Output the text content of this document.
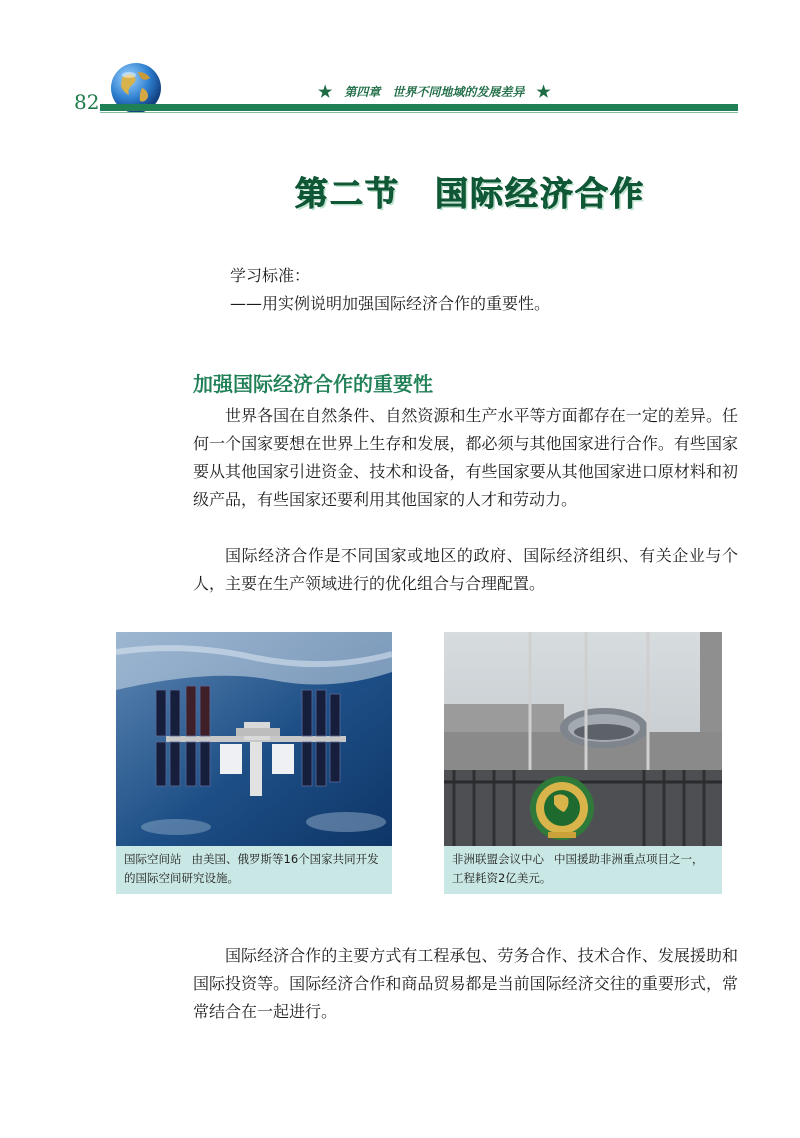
82	★ 第四章　世界不同地域的发展差异 ★
第二节　国际经济合作
学习标准：
——用实例说明加强国际经济合作的重要性。
加强国际经济合作的重要性

世界各国在自然条件、自然资源和生产水平等方面都存在一定的差异。任何一个国家要想在世界上生存和发展，都必须与其他国家进行合作。有些国家要从其他国家引进资金、技术和设备，有些国家要从其他国家进口原材料和初级产品，有些国家还要利用其他国家的人才和劳动力。

国际经济合作是不同国家或地区的政府、国际经济组织、有关企业与个人，主要在生产领域进行的优化组合与合理配置。

国际空间站 由美国、俄罗斯等16个国家共同开发的国际空间研究设施。
非洲联盟会议中心 中国援助非洲重点项目之一，工程耗资2亿美元。

国际经济合作的主要方式有工程承包、劳务合作、技术合作、发展援助和国际投资等。国际经济合作和商品贸易都是当前国际经济交往的重要形式，常常结合在一起进行。
